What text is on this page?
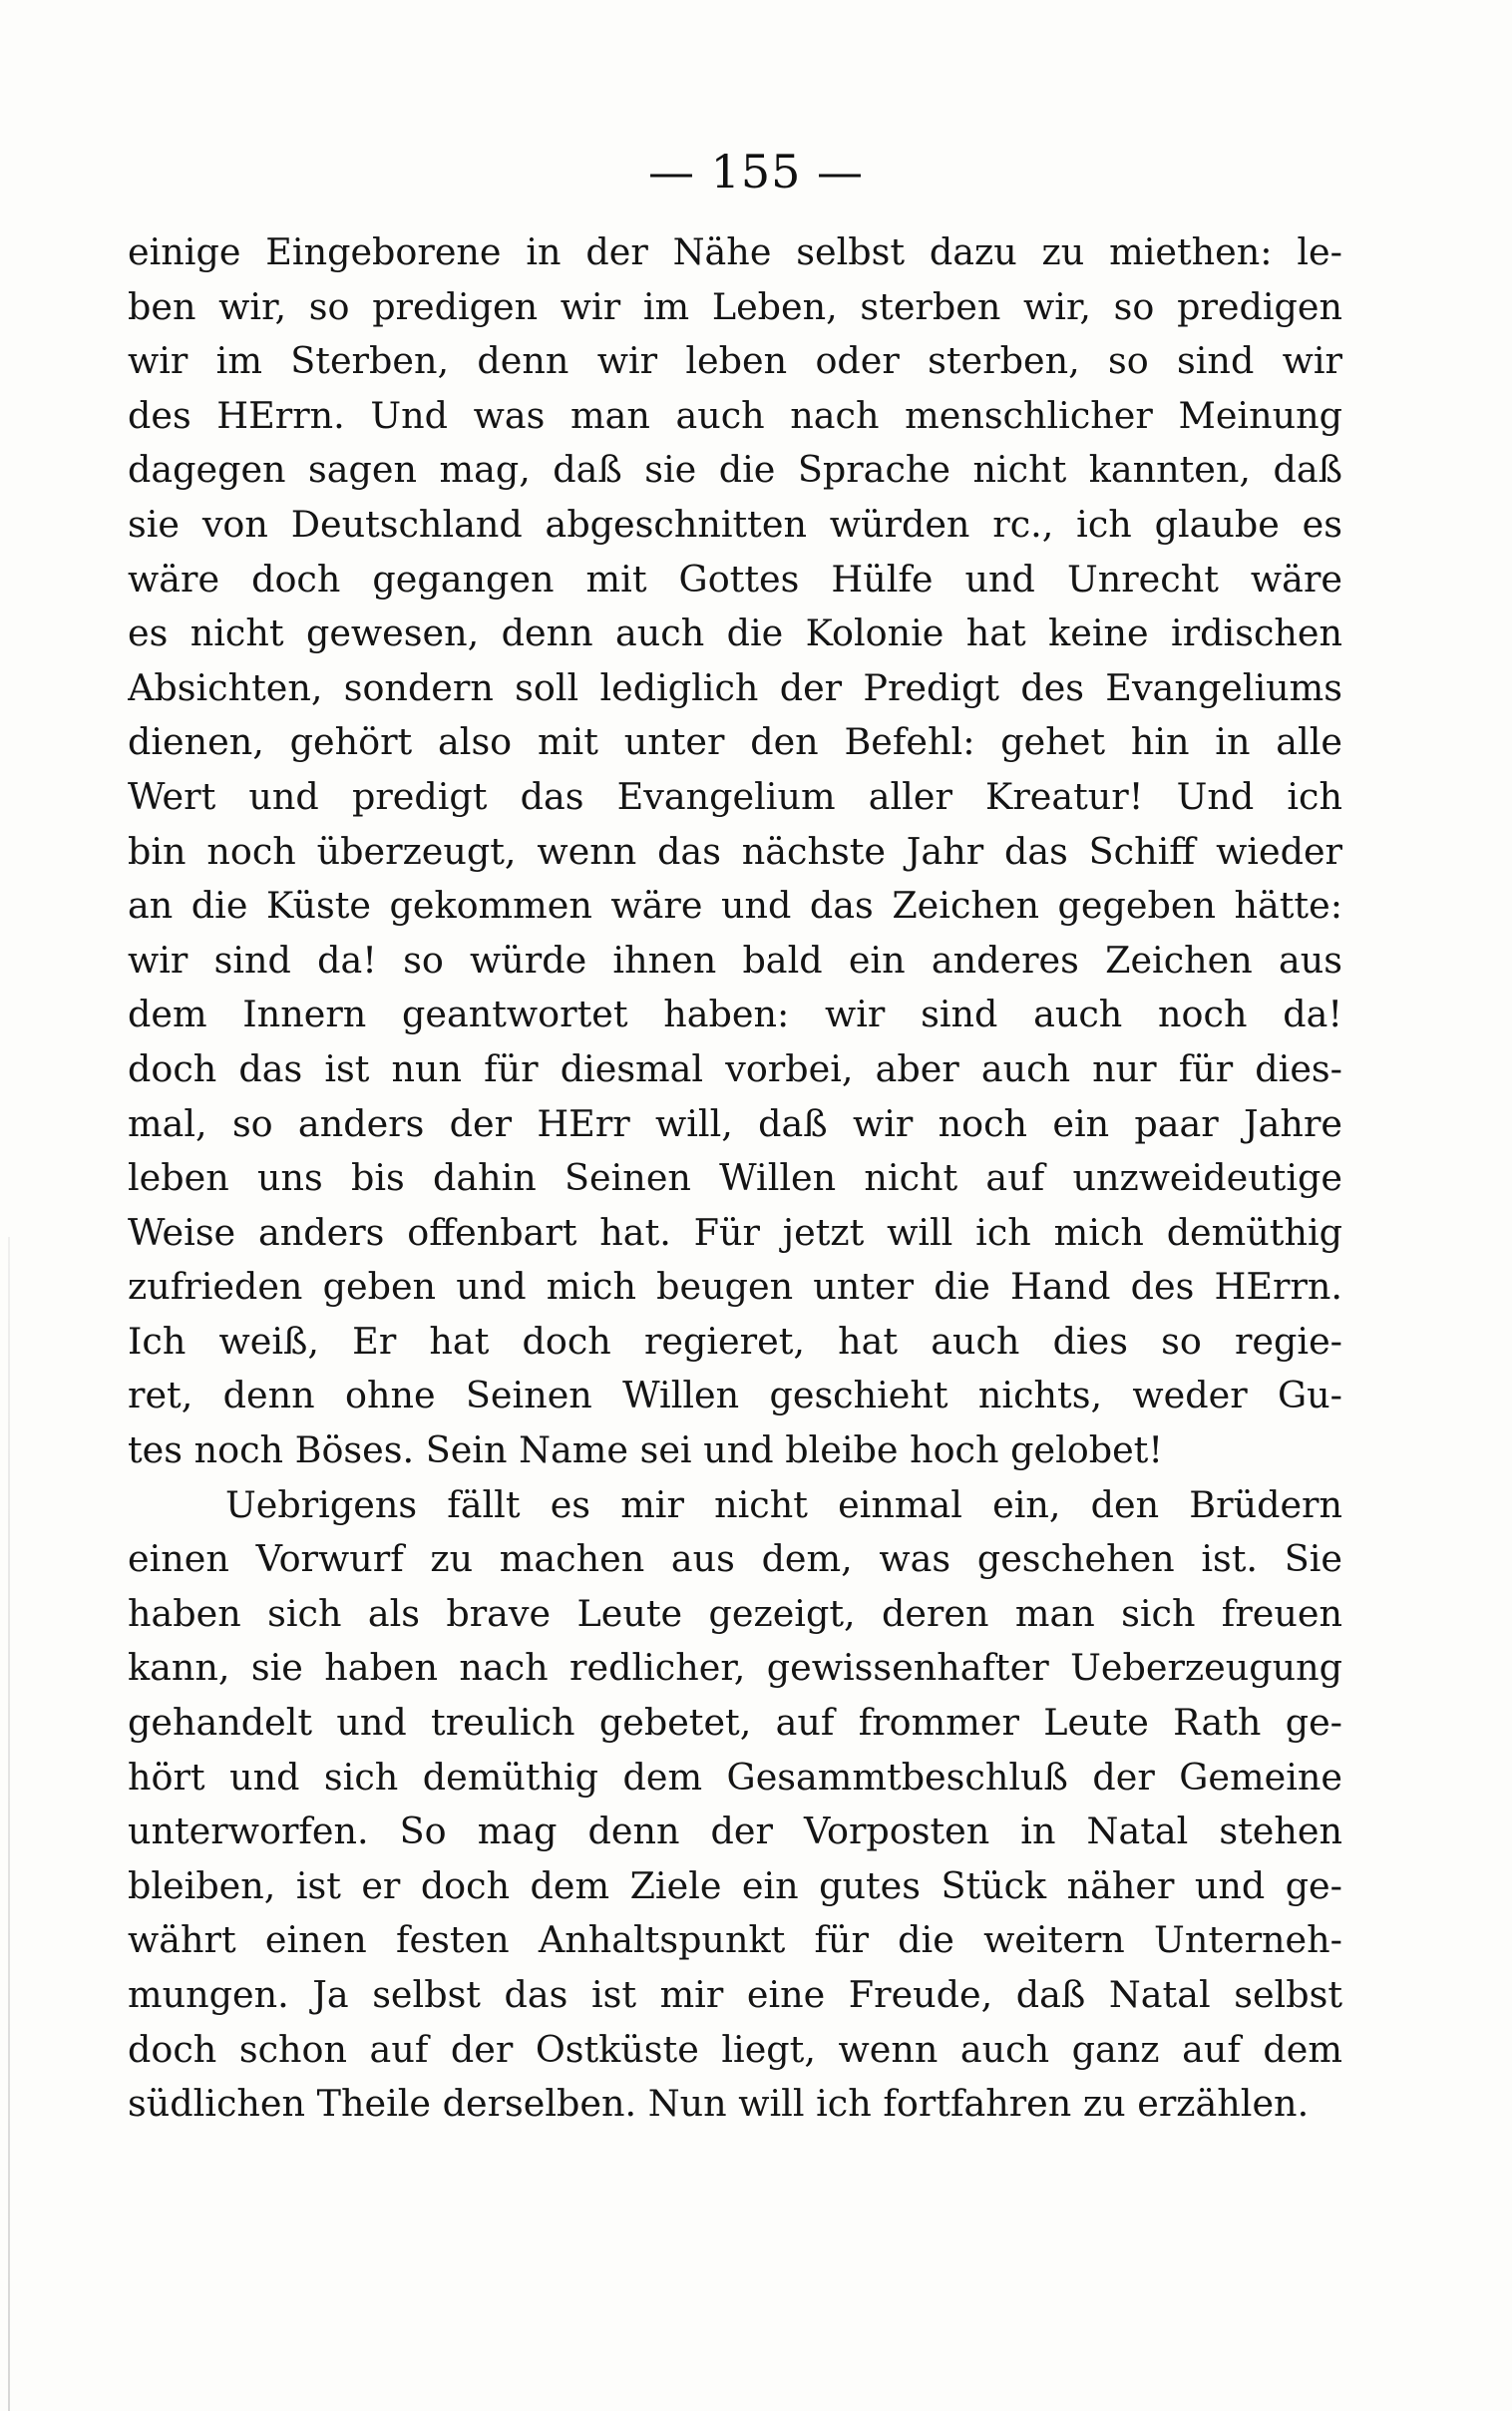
— 155 —
einige Eingeborene in der Nähe selbst dazu zu miethen: le-
ben wir, so predigen wir im Leben, sterben wir, so predigen
wir im Sterben, denn wir leben oder sterben, so sind wir
des HErrn. Und was man auch nach menschlicher Meinung
dagegen sagen mag, daß sie die Sprache nicht kannten, daß
sie von Deutschland abgeschnitten würden rc., ich glaube es
wäre doch gegangen mit Gottes Hülfe und Unrecht wäre
es nicht gewesen, denn auch die Kolonie hat keine irdischen
Absichten, sondern soll lediglich der Predigt des Evangeliums
dienen, gehört also mit unter den Befehl: gehet hin in alle
Wert und predigt das Evangelium aller Kreatur! Und ich
bin noch überzeugt, wenn das nächste Jahr das Schiff wieder
an die Küste gekommen wäre und das Zeichen gegeben hätte:
wir sind da! so würde ihnen bald ein anderes Zeichen aus
dem Innern geantwortet haben: wir sind auch noch da!
doch das ist nun für diesmal vorbei, aber auch nur für dies-
mal, so anders der HErr will, daß wir noch ein paar Jahre
leben uns bis dahin Seinen Willen nicht auf unzweideutige
Weise anders offenbart hat. Für jetzt will ich mich demüthig
zufrieden geben und mich beugen unter die Hand des HErrn.
Ich weiß, Er hat doch regieret, hat auch dies so regie-
ret, denn ohne Seinen Willen geschieht nichts, weder Gu-
tes noch Böses. Sein Name sei und bleibe hoch gelobet!
Uebrigens fällt es mir nicht einmal ein, den Brüdern
einen Vorwurf zu machen aus dem, was geschehen ist. Sie
haben sich als brave Leute gezeigt, deren man sich freuen
kann, sie haben nach redlicher, gewissenhafter Ueberzeugung
gehandelt und treulich gebetet, auf frommer Leute Rath ge-
hört und sich demüthig dem Gesammtbeschluß der Gemeine
unterworfen. So mag denn der Vorposten in Natal stehen
bleiben, ist er doch dem Ziele ein gutes Stück näher und ge-
währt einen festen Anhaltspunkt für die weitern Unterneh-
mungen. Ja selbst das ist mir eine Freude, daß Natal selbst
doch schon auf der Ostküste liegt, wenn auch ganz auf dem
südlichen Theile derselben. Nun will ich fortfahren zu erzählen.
